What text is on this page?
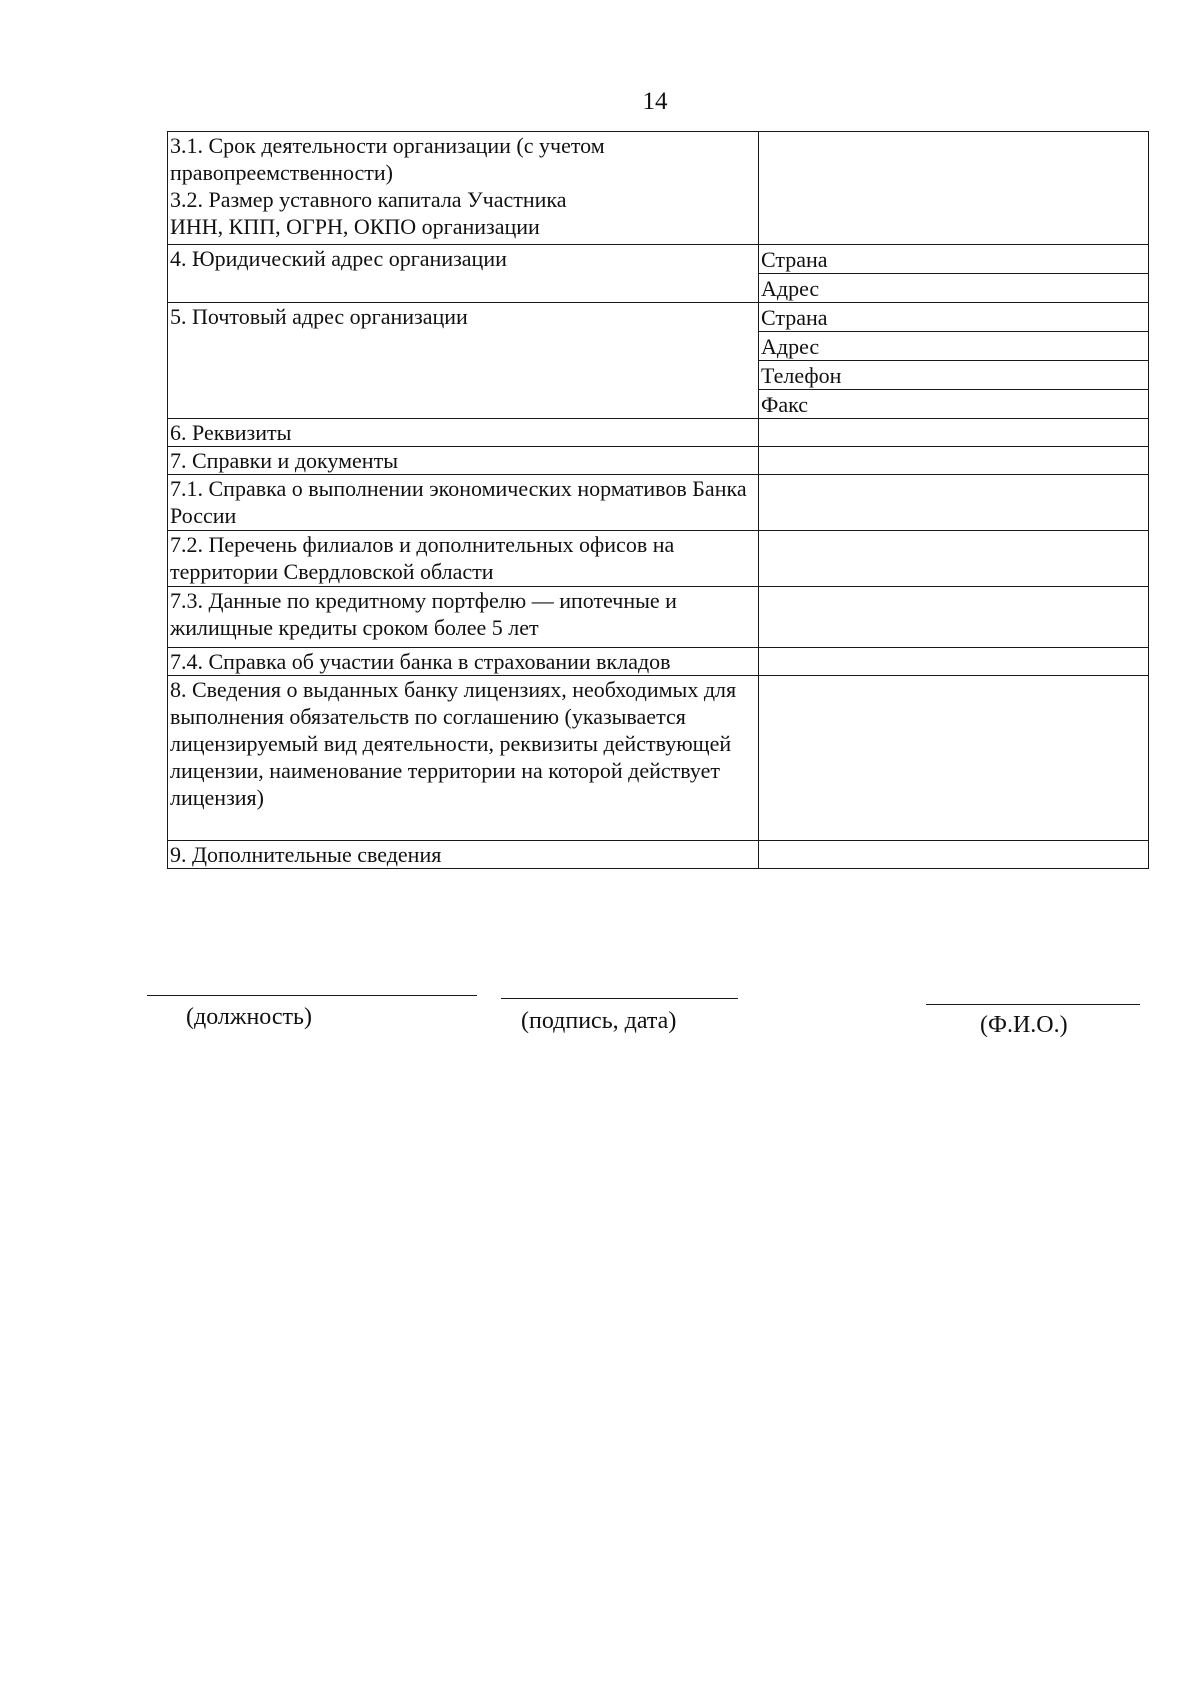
14
3.1. Срок деятельности организации (с учетом правопреемственности)
3.2. Размер уставного капитала Участника
ИНН, КПП, ОГРН, ОКПО организации	
4. Юридический адрес организации	Страна
	Адрес
5. Почтовый адрес организации	Страна
	Адрес
	Телефон
	Факс
6. Реквизиты	
7. Справки и документы	
7.1. Справка о выполнении экономических нормативов Банка России	
7.2. Перечень филиалов и дополнительных офисов на территории Свердловской области	
7.3. Данные по кредитному портфелю — ипотечные и жилищные кредиты сроком более 5 лет	
7.4. Справка об участии банка в страховании вкладов	
8. Сведения о выданных банку лицензиях, необходимых для выполнения обязательств по соглашению (указывается лицензируемый вид деятельности, реквизиты действующей лицензии, наименование территории на которой действует лицензия)	
9. Дополнительные сведения	
(должность)	(подпись, дата)	(Ф.И.О.)
